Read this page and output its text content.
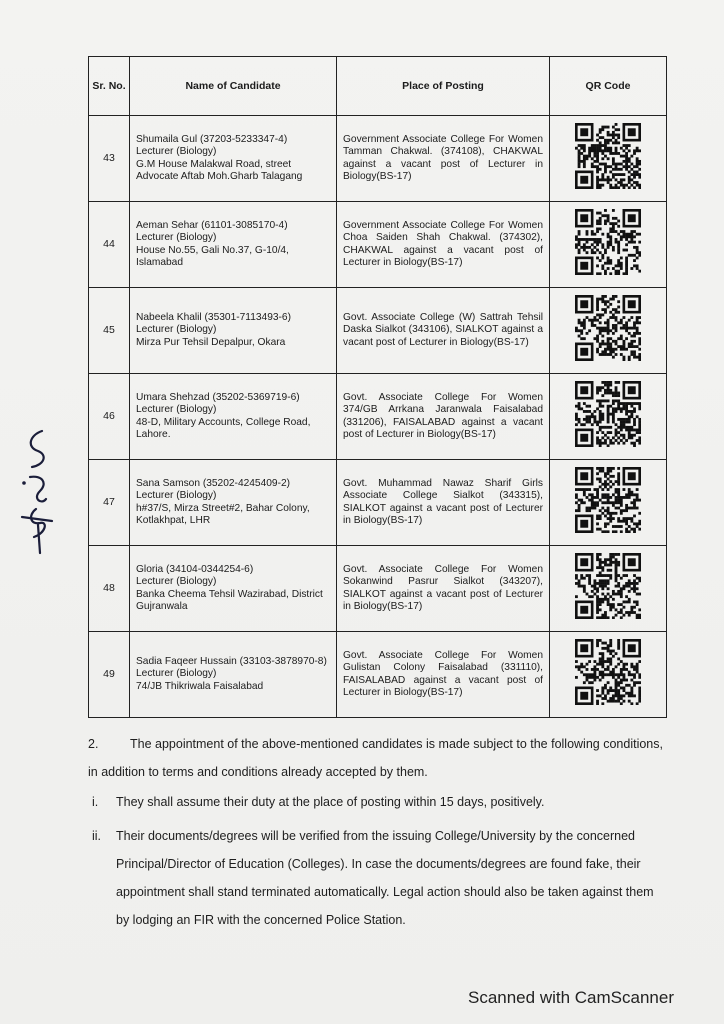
Sr. No.	Name of Candidate	Place of Posting	QR Code
43	Shumaila Gul (37203-5233347-4)
Lecturer (Biology)
G.M House Malakwal Road, street Advocate Aftab Moh.Gharb Talagang	Government Associate College For Women Tamman Chakwal. (374108), CHAKWAL against a vacant post of Lecturer in Biology(BS-17)	

44	Aeman Sehar (61101-3085170-4)
Lecturer (Biology)
House No.55, Gali No.37, G-10/4, Islamabad	Government Associate College For Women Choa Saiden Shah Chakwal. (374302), CHAKWAL against a vacant post of Lecturer in Biology(BS-17)	

45	Nabeela Khalil (35301-7113493-6)
Lecturer (Biology)
Mirza Pur Tehsil Depalpur, Okara	Govt. Associate College (W) Sattrah Tehsil Daska Sialkot (343106), SIALKOT against a vacant post of Lecturer in Biology(BS-17)	

46	Umara Shehzad (35202-5369719-6)
Lecturer (Biology)
48-D, Military Accounts, College Road, Lahore.	Govt. Associate College For Women 374/GB Arrkana Jaranwala Faisalabad (331206), FAISALABAD against a vacant post of Lecturer in Biology(BS-17)	

47	Sana Samson (35202-4245409-2)
Lecturer (Biology)
h#37/S, Mirza Street#2, Bahar Colony, Kotlakhpat, LHR	Govt. Muhammad Nawaz Sharif Girls Associate College Sialkot (343315), SIALKOT against a vacant post of Lecturer in Biology(BS-17)	

48	Gloria (34104-0344254-6)
Lecturer (Biology)
Banka Cheema Tehsil Wazirabad, District Gujranwala	Govt. Associate College For Women Sokanwind Pasrur Sialkot (343207), SIALKOT against a vacant post of Lecturer in Biology(BS-17)	

49	Sadia Faqeer Hussain (33103-3878970-8)
Lecturer (Biology)
74/JB Thikriwala Faisalabad	Govt. Associate College For Women Gulistan Colony Faisalabad (331110), FAISALABAD against a vacant post of Lecturer in Biology(BS-17)	
2.	The appointment of the above-mentioned candidates is made subject to the following conditions, in addition to terms and conditions already accepted by them.
i.	They shall assume their duty at the place of posting within 15 days, positively.
ii.	Their documents/degrees will be verified from the issuing College/University by the concerned Principal/Director of Education (Colleges). In case the documents/degrees are found fake, their appointment shall stand terminated automatically. Legal action should also be taken against them by lodging an FIR with the concerned Police Station.
Scanned with CamScanner
